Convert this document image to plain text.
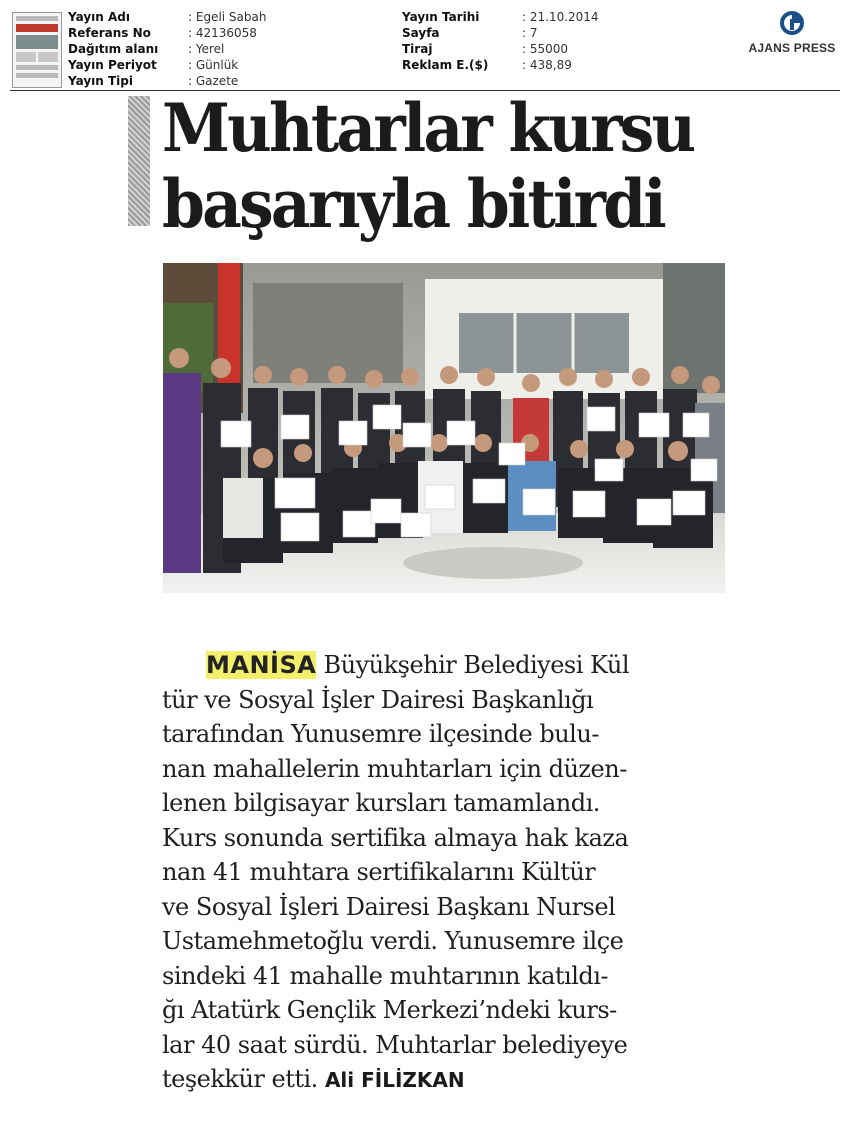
Yayın Adı	: Egeli Sabah
Referans No	: 42136058
Dağıtım alanı	: Yerel
Yayın Periyot	: Günlük
Yayın Tipi	: Gazete
Yayın Tarihi	: 21.10.2014
Sayfa	: 7
Tiraj	: 55000
Reklam E.($)	: 438,89
AJANS PRESS
Muhtarlar kursu
başarıyla bitirdi
MANİSA Büyükşehir Belediyesi Kül
tür ve Sosyal İşler Dairesi Başkanlığı
tarafından Yunusemre ilçesinde bulu-
nan mahallelerin muhtarları için düzen-
lenen bilgisayar kursları tamamlandı.
Kurs sonunda sertifika almaya hak kaza
nan 41 muhtara sertifikalarını Kültür
ve Sosyal İşleri Dairesi Başkanı Nursel
Ustamehmetoğlu verdi. Yunusemre ilçe
sindeki 41 mahalle muhtarının katıldı-
ğı Atatürk Gençlik Merkezi’ndeki kurs-
lar 40 saat sürdü. Muhtarlar belediyeye
teşekkür etti. Ali FİLİZKAN
